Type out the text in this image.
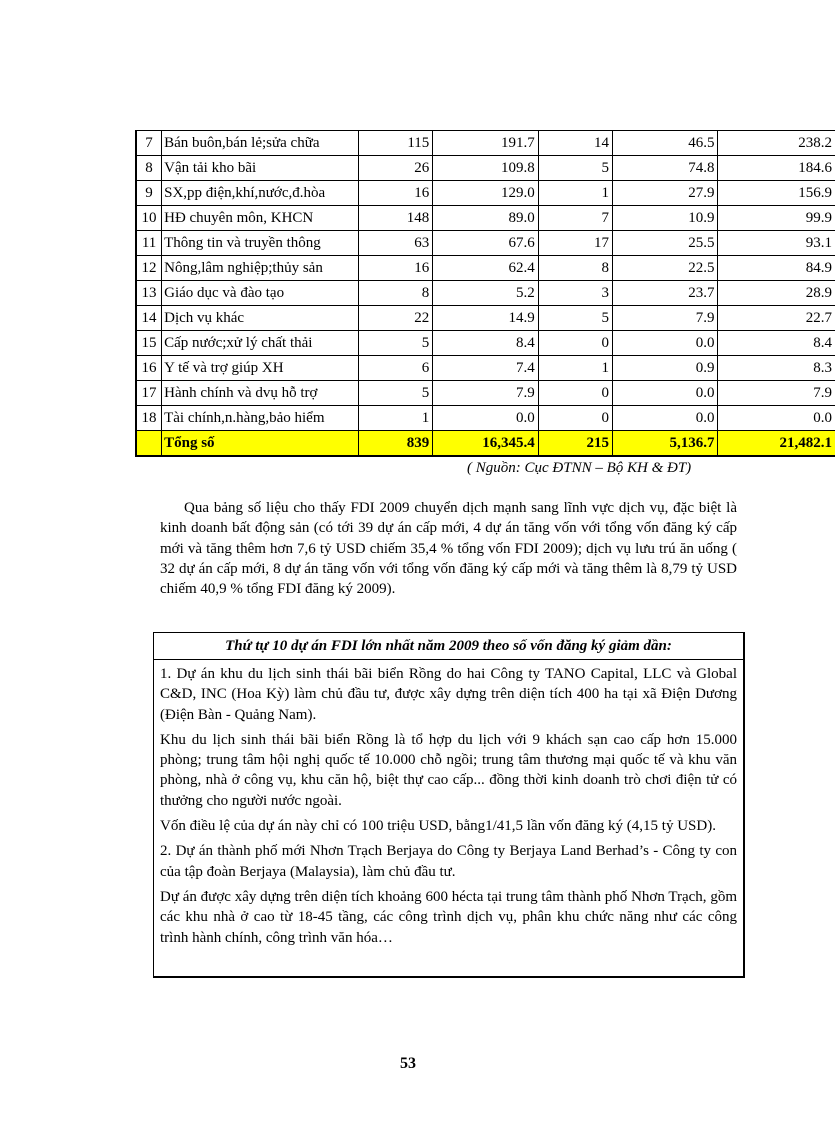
7	Bán buôn,bán lẻ;sửa chữa	115	191.7	14	46.5	238.2
8	Vận tải kho bãi	26	109.8	5	74.8	184.6
9	SX,pp điện,khí,nước,đ.hòa	16	129.0	1	27.9	156.9
10	HĐ chuyên môn, KHCN	148	89.0	7	10.9	99.9
11	Thông tin và truyền thông	63	67.6	17	25.5	93.1
12	Nông,lâm nghiệp;thủy sản	16	62.4	8	22.5	84.9
13	Giáo dục và đào tạo	8	5.2	3	23.7	28.9
14	Dịch vụ khác	22	14.9	5	7.9	22.7
15	Cấp nước;xử lý chất thải	5	8.4	0	0.0	8.4
16	Y tế và trợ giúp XH	6	7.4	1	0.9	8.3
17	Hành chính và dvụ hỗ trợ	5	7.9	0	0.0	7.9
18	Tài chính,n.hàng,bảo hiểm	1	0.0	0	0.0	0.0
	Tổng số	839	16,345.4	215	5,136.7	21,482.1
( Nguồn: Cục ĐTNN – Bộ KH & ĐT)
Qua bảng số liệu cho thấy FDI 2009 chuyển dịch mạnh sang lĩnh vực dịch vụ, đặc biệt là kinh doanh bất động sản (có tới 39 dự án cấp mới, 4 dự án tăng vốn với tổng vốn đăng ký cấp mới và tăng thêm hơn 7,6 tỷ USD chiếm 35,4 % tổng vốn FDI 2009); dịch vụ lưu trú ăn uống ( 32 dự án cấp mới, 8 dự án tăng vốn với tổng vốn đăng ký cấp mới và tăng thêm là 8,79 tỷ USD chiếm 40,9 % tổng FDI đăng ký 2009).
Thứ tự 10 dự án FDI lớn nhất năm 2009 theo số vốn đăng ký giảm dần:

1. Dự án khu du lịch sinh thái bãi biển Rồng do hai Công ty TANO Capital, LLC và Global C&D, INC (Hoa Kỳ) làm chủ đầu tư, được xây dựng trên diện tích 400 ha tại xã Điện Dương (Điện Bàn - Quảng Nam).

Khu du lịch sinh thái bãi biển Rồng là tổ hợp du lịch với 9 khách sạn cao cấp hơn 15.000 phòng; trung tâm hội nghị quốc tế 10.000 chỗ ngồi; trung tâm thương mại quốc tế và khu văn phòng, nhà ở công vụ, khu căn hộ, biệt thự cao cấp... đồng thời kinh doanh trò chơi điện tử có thưởng cho người nước ngoài.

Vốn điều lệ của dự án này chỉ có 100 triệu USD, bằng1/41,5 lần vốn đăng ký (4,15 tỷ USD).

2. Dự án thành phố mới Nhơn Trạch Berjaya do Công ty Berjaya Land Berhad’s - Công ty con của tập đoàn Berjaya (Malaysia), làm chủ đầu tư.

Dự án được xây dựng trên diện tích khoảng 600 hécta tại trung tâm thành phố Nhơn Trạch, gồm các khu nhà ở cao từ 18-45 tầng, các công trình dịch vụ, phân khu chức năng như các công trình hành chính, công trình văn hóa…

53
